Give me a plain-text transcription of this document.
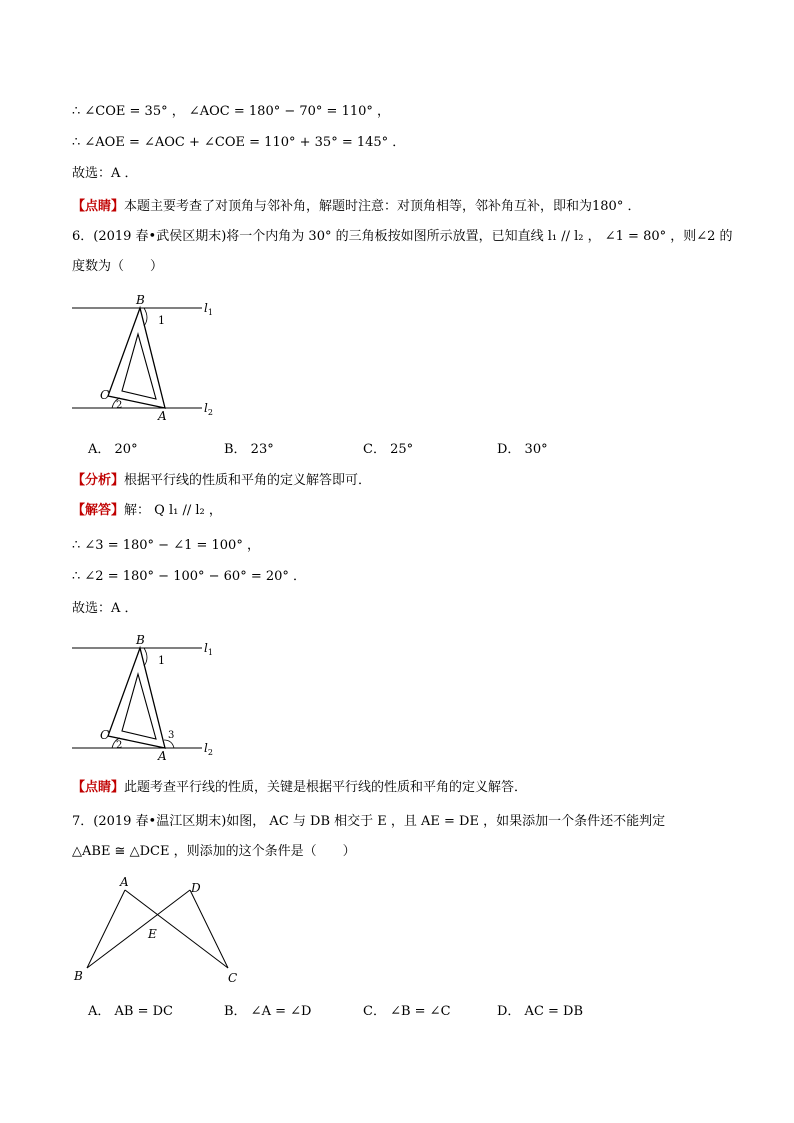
∴ ∠COE = 35° ， ∠AOC = 180° − 70° = 110° ，
∴ ∠AOE = ∠AOC + ∠COE = 110° + 35° = 145° ．
故选：A ．
【点睛】本题主要考查了对顶角与邻补角，解题时注意：对顶角相等，邻补角互补，即和为180° ．
6．(2019 春•武侯区期末)将一个内角为 30° 的三角板按如图所示放置，已知直线 l₁ // l₂ ， ∠1 = 80° ，则∠2 的
度数为（　　）
B
C
A
1
2
$l_1$
$l_2$
A． 20°	B． 23°	C． 25°	D． 30°
【分析】根据平行线的性质和平角的定义解答即可．
【解答】解： Q l₁ // l₂ ，
∴ ∠3 = 180° − ∠1 = 100° ，
∴ ∠2 = 180° − 100° − 60° = 20° ．
故选：A ．
B
C
A
1
2
3
$l_1$
$l_2$
【点睛】此题考查平行线的性质，关键是根据平行线的性质和平角的定义解答．
7．(2019 春•温江区期末)如图， AC 与 DB 相交于 E ，且 AE = DE ，如果添加一个条件还不能判定
△ABE ≅ △DCE ，则添加的这个条件是（　　）
A	D
E
B	C
A． AB = DC	B． ∠A = ∠D	C． ∠B = ∠C	D． AC = DB
